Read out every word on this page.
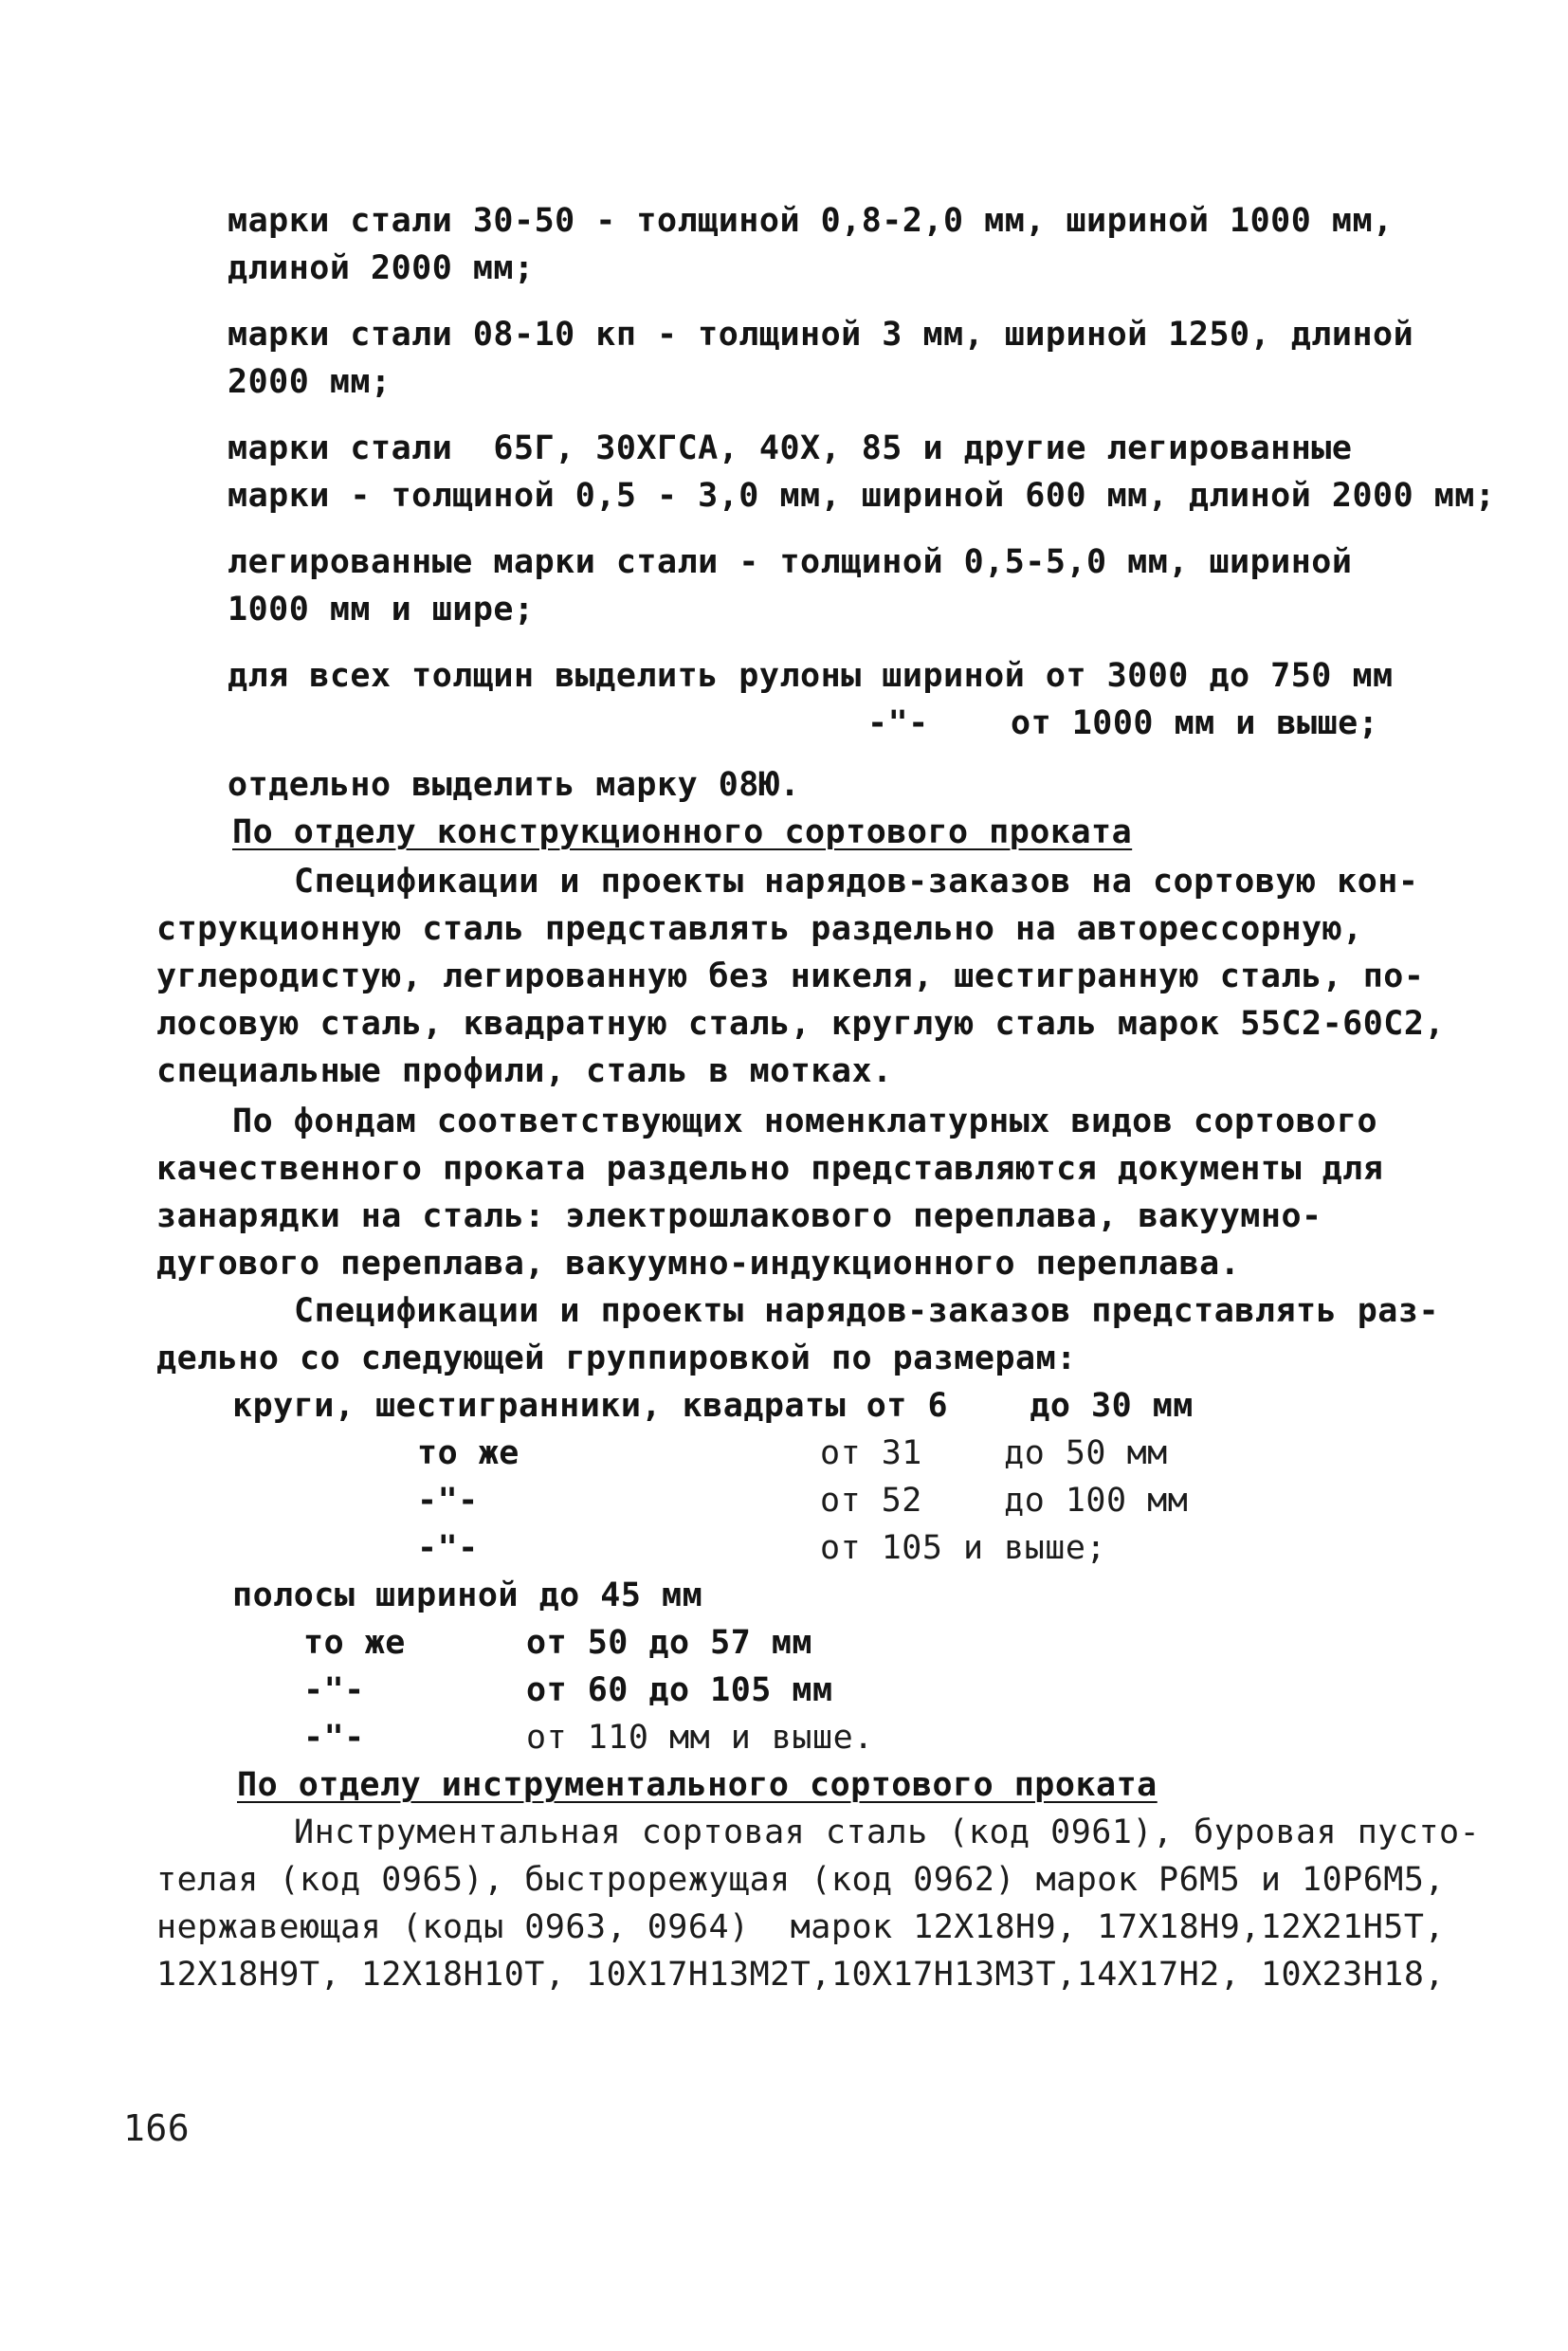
марки стали 30-50 - толщиной 0,8-2,0 мм, шириной 1000 мм,
длиной 2000 мм;
марки стали 08-10 кп - толщиной 3 мм, шириной 1250, длиной
2000 мм;
марки стали  65Г, 30ХГСА, 40Х, 85 и другие легированные
марки - толщиной 0,5 - 3,0 мм, шириной 600 мм, длиной 2000 мм;
легированные марки стали - толщиной 0,5-5,0 мм, шириной
1000 мм и шире;
для всех толщин выделить рулоны шириной от 3000 до 750 мм
-"-    от 1000 мм и выше;
отдельно выделить марку 08Ю.
По отделу конструкционного сортового проката
Спецификации и проекты нарядов-заказов на сортовую кон-
струкционную сталь представлять раздельно на авторессорную,
углеродистую, легированную без никеля, шестигранную сталь, по-
лосовую сталь, квадратную сталь, круглую сталь марок 55С2-60С2,
специальные профили, сталь в мотках.
По фондам соответствующих номенклатурных видов сортового
качественного проката раздельно представляются документы для
занарядки на сталь: электрошлакового переплава, вакуумно-
дугового переплава, вакуумно-индукционного переплава.
Спецификации и проекты нарядов-заказов представлять раз-
дельно со следующей группировкой по размерам:
круги, шестигранники, квадраты от 6    до 30 мм
то же	от 31    до 50 мм
-"-	от 52    до 100 мм
-"-	от 105 и выше;
полосы шириной до 45 мм
то же	от 50 до 57 мм
-"-	от 60 до 105 мм
-"-	от 110 мм и выше.
По отделу инструментального сортового проката
Инструментальная сортовая сталь (код 0961), буровая пусто-
телая (код 0965), быстрорежущая (код 0962) марок Р6М5 и 10Р6М5,
нержавеющая (коды 0963, 0964)  марок 12Х18Н9, 17Х18Н9,12Х21Н5Т,
12Х18Н9Т, 12Х18Н10Т, 10Х17Н13М2Т,10Х17Н13М3Т,14Х17Н2, 10Х23Н18,
166
